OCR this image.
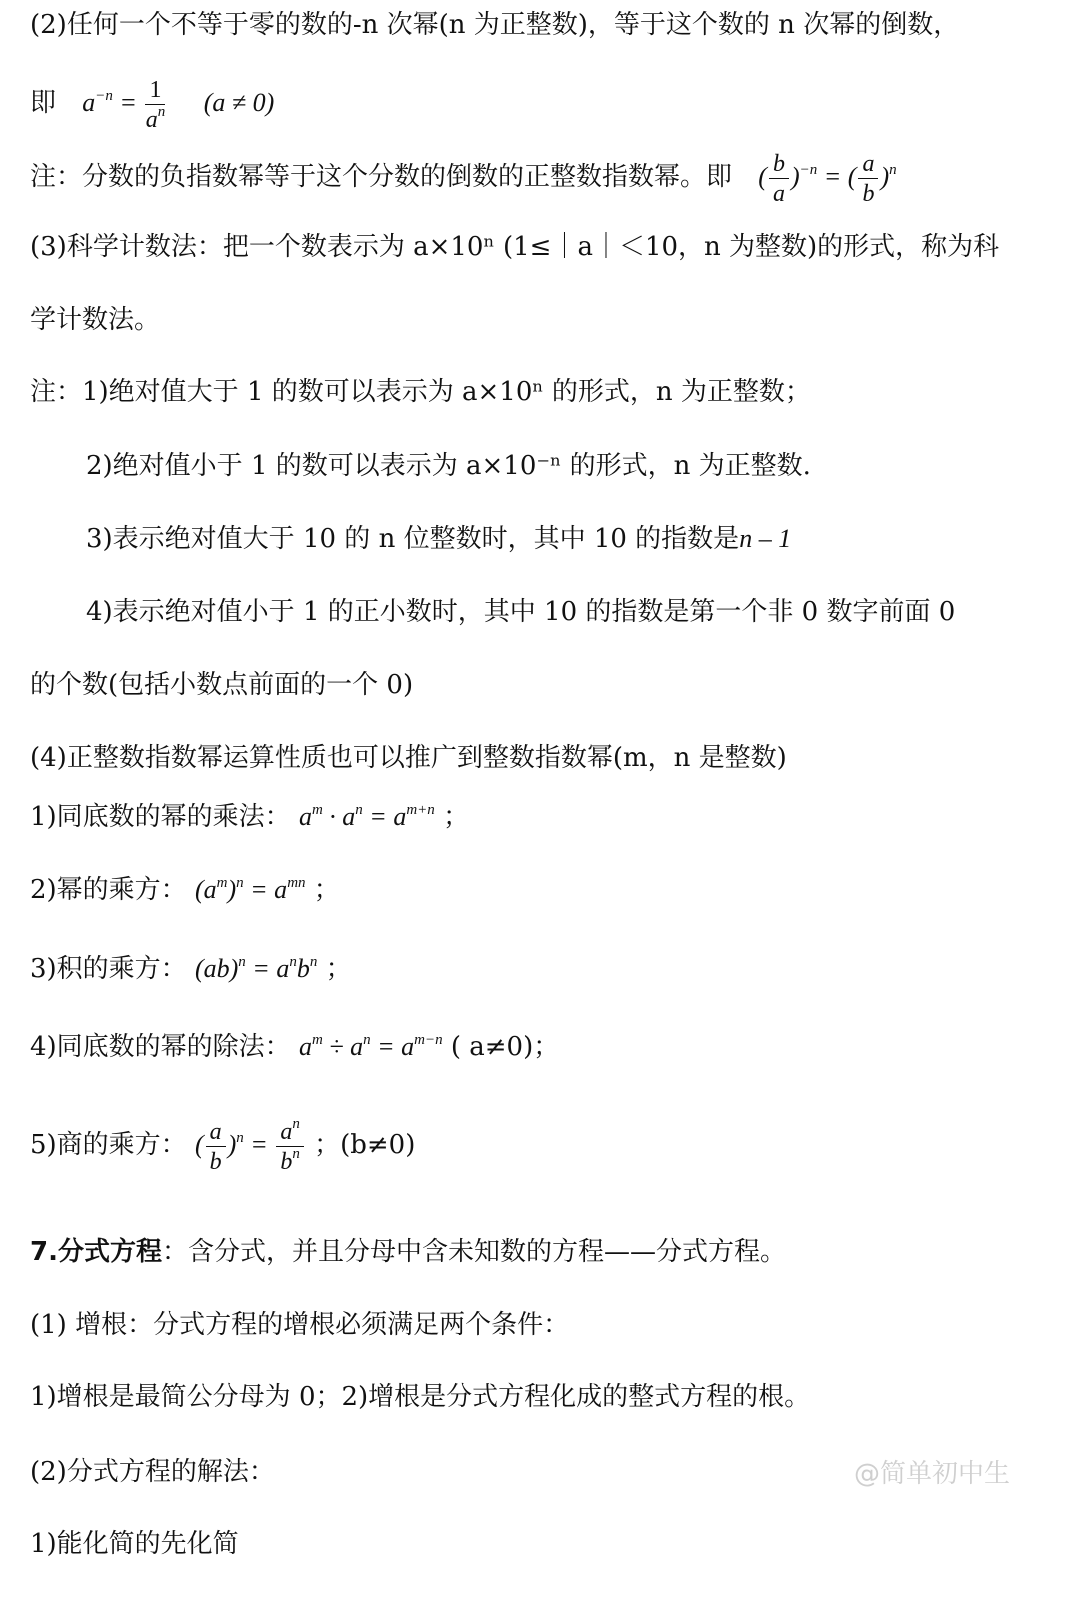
(2)任何一个不等于零的数的-n 次幂(n 为正整数)，等于这个数的 n 次幂的倒数，
即 $a^{-n} = \frac{1}{a^n} (a \ne 0)$
注：分数的负指数幂等于这个分数的倒数的正整数指数幂。即 ( $\frac{b}{a} )^{-n}$ = ( $\frac{a}{b} )^n$
(3)科学计数法：把一个数表示为 a×10ⁿ (1≤｜a｜＜10，n 为整数)的形式，称为科
学计数法。
注：1)绝对值大于 1 的数可以表示为 a×10ⁿ 的形式，n 为正整数；
2)绝对值小于 1 的数可以表示为 a×10⁻ⁿ 的形式，n 为正整数.
3)表示绝对值大于 10 的 n 位整数时，其中 10 的指数是n – 1
4)表示绝对值小于 1 的正小数时，其中 10 的指数是第一个非 0 数字前面 0
的个数(包括小数点前面的一个 0)
(4)正整数指数幂运算性质也可以推广到整数指数幂(m，n 是整数)
1)同底数的幂的乘法： $a^m \cdot a^n = a^{m+n}$ ；
2)幂的乘方： $(a^m)^n = a^{mn}$ ；
3)积的乘方： $(ab)^n = a^nb^n$ ；
4)同底数的幂的除法： $a^m \div a^n = a^{m-n}$ ( a≠0)；
5)商的乘方： ( $\frac{a}{b} )^n = \frac{a^n}{b^n}$ ；(b≠0)
7.分式方程：含分式，并且分母中含未知数的方程——分式方程。
(1) 增根：分式方程的增根必须满足两个条件：
1)增根是最简公分母为 0；2)增根是分式方程化成的整式方程的根。
(2)分式方程的解法：
1)能化简的先化简
@简单初中生
